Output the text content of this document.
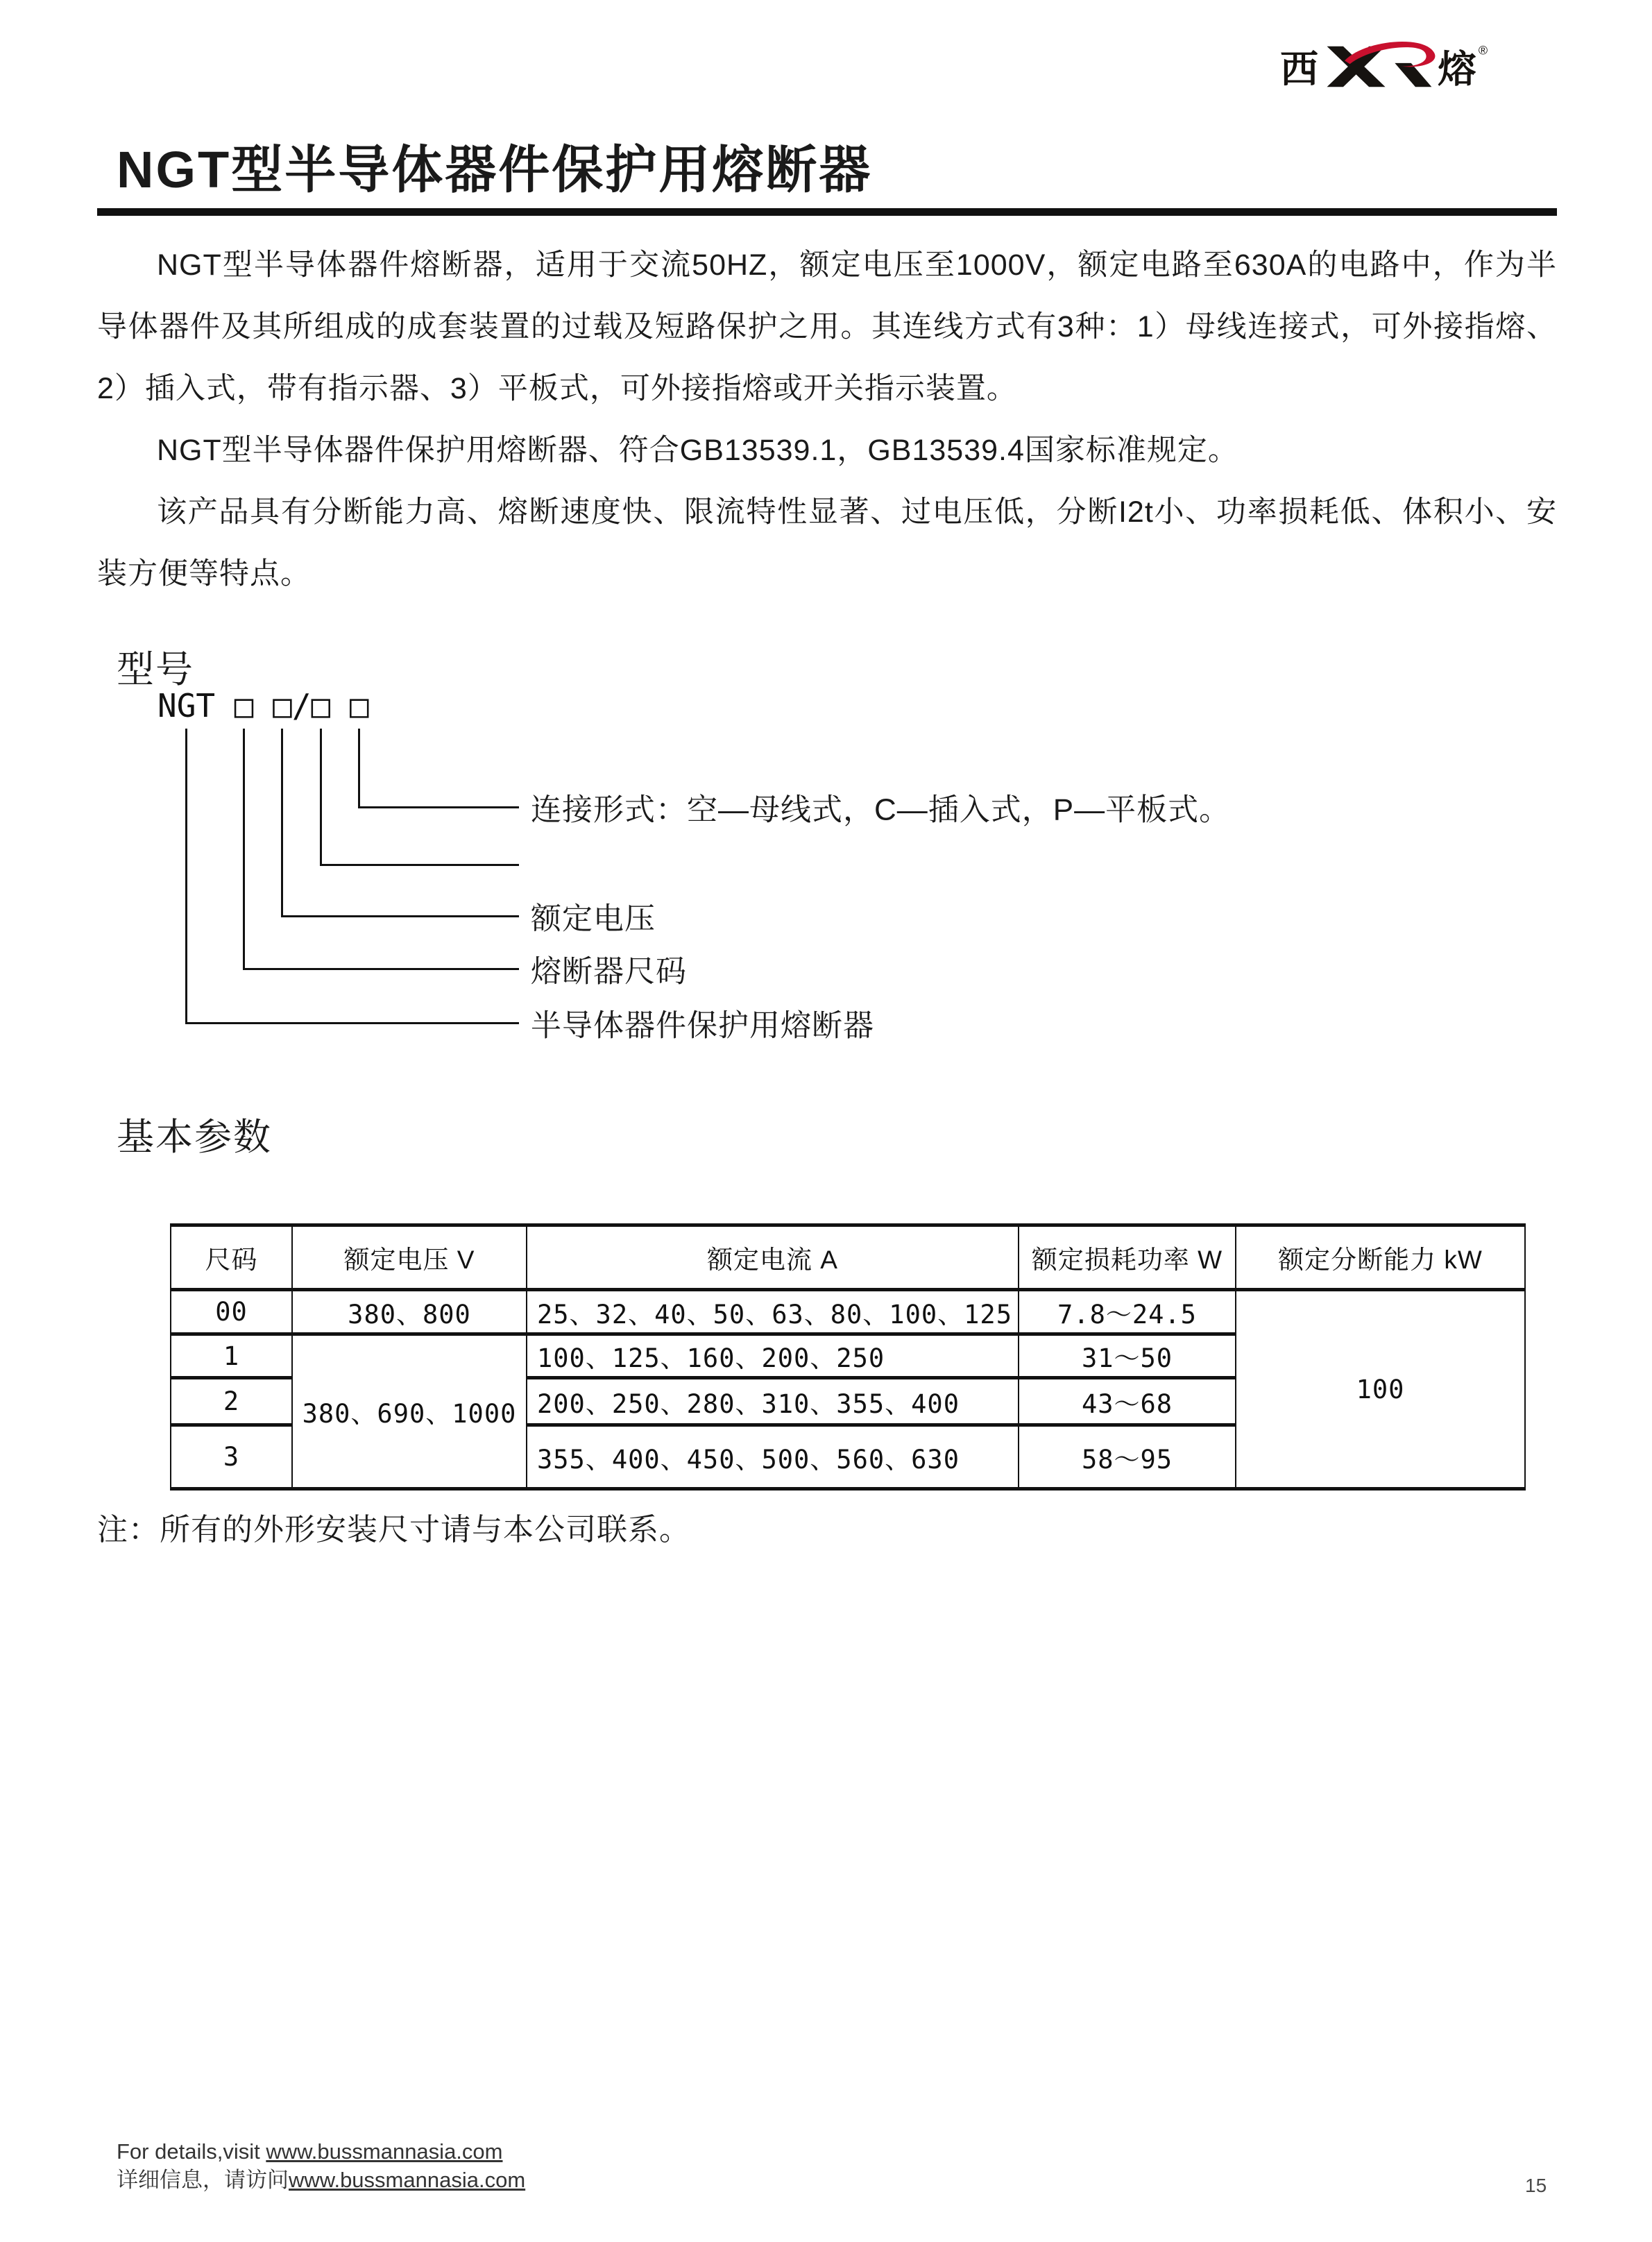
西 熔 ®
NGT型半导体器件保护用熔断器

NGT型半导体器件熔断器，适用于交流50HZ，额定电压至1000V，额定电路至630A的电路中，作为半导体器件及其所组成的成套装置的过载及短路保护之用。其连线方式有3种：1）母线连接式，可外接指熔、2）插入式，带有指示器、3）平板式，可外接指熔或开关指示装置。

NGT型半导体器件保护用熔断器、符合GB13539.1，GB13539.4国家标准规定。

该产品具有分断能力高、熔断速度快、限流特性显著、过电压低，分断I2t小、功率损耗低、体积小、安装方便等特点。

型号
NGT □ □/□ □
连接形式：空—母线式，C—插入式，P—平板式。
额定电压
熔断器尺码
半导体器件保护用熔断器
基本参数
尺码	额定电压 V	额定电流 A	额定损耗功率 W	额定分断能力 kW
00	380、800	25、32、40、50、63、80、100、125	7.8～24.5	100
1	380、690、1000	100、125、160、200、250	31～50	
2		200、250、280、310、355、400	43～68	
3		355、400、450、500、560、630	58～95	
注：所有的外形安装尺寸请与本公司联系。
For details,visit www.bussmannasia.com
详细信息，请访问www.bussmannasia.com	15
